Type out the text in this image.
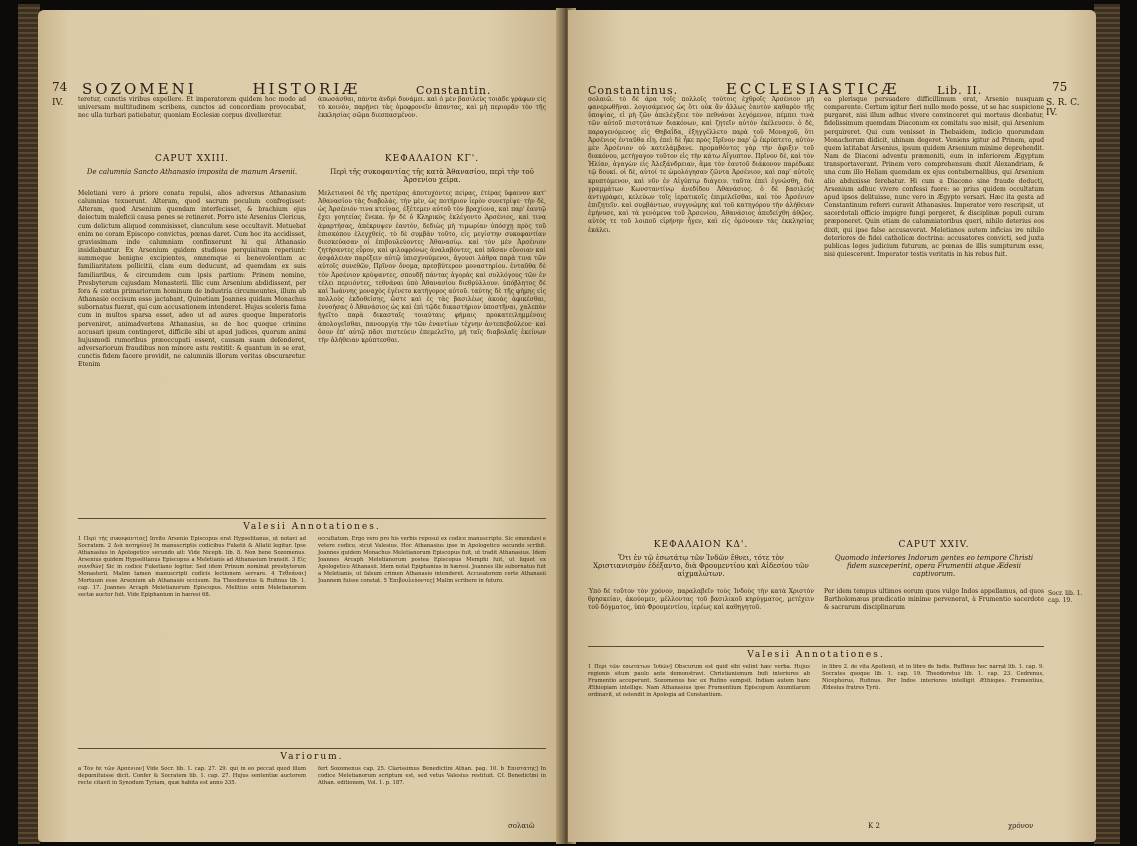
74 SOZOMENI	HISTORIÆ	Constantin.
IV. teretur, cunctis viribus expellere. Et imperatorem quidem hoc modo ad universam multitudinem scribens, cunctos ad concordiam provocabat, nec ulla turbari patiebatur, quoniam Ecclesiæ corpus divelleretur.
ἀπωσάσθαι, πάντα ἀνδρὶ δυνάμει. καὶ ὁ μὲν βασιλεὺς τοιάδε γράφων εἰς τὸ κοινὸν, παρῄνει τὰς ὁμοφρονεῖν ἅπαντας, καὶ μὴ περιορᾶν τὸν τῆς ἐκκλησίας σῶμα διεσπασμένον.
CAPUT XXIII.
De calumnia Sancto Athanasio imposita de manum Arsenii.
ΚΕΦΑΛΑΙΟΝ ΚΓ'.
Περὶ τῆς συκοφαντίας τῆς κατὰ Ἀθανασίου, περὶ τὴν τοῦ Ἀρσενίου χεῖρα.
Meletiani vero à priore conatu repulsi, alios adversus Athanasium calumnias texuerunt. Alteram, quod sacrum poculum confregisset: Alteram, quod Arsenium quendam interfecisset, & brachium ejus deiectum maleficii causa penes se retineret. Porro iste Arsenius Clericus, cum delictum aliquod commisisset, clanculum sese occultavit. Metuebat enim ne coram Episcopo convictus, pœnas daret. Cum hoc ita accidisset, gravissimam inde calumniam confinxerunt hi qui Athanasio insidiabantur. Ex Arsenium quidem studiose perquisitum reperiunt: summeque benigne excipientes, omnemque ei benevolentiam ac familiaritatem pollicitii, clam eum deducunt, ad quemdam ex suis familiaribus, & circumdem cum ipsis partium: Prinem nomine, Presbyterum cujusdam Monasterii. Illic cum Arsenium abdidissent, per fora & cœtus primariorum hominum de industria circumeuntes, illum ab Athanasio occisum esse jactabant, Quinetiam Joannes quidam Monachus subornatus fuerat, qui cum accusationem intenderet. Hujus sceleris fama cum in multos sparsa esset, adeo ut ad aures quoque Imperatoris perveniret, animadvertens Athanasius, se de hoc quoque crimine accusari ipsum contingeret, difficile sibi ut apud judices, quorum animi hujusmodi rumoribus præoccupati essent, causam suam defenderet, adversariorum fraudibus non minore astu restitit: & quantum in se erat, cunctis fidem facere providit, ne calumniis illorum veritas obscuraretur. Etenim
Μελετιανοὶ δὲ τῆς προτέρας ἀποτυχόντες πείρας, ἑτέρας ὕφαινον κατ' Ἀθανασίου τὰς διαβολάς. τὴν μὲν, ὡς ποτήριον ἱερὸν συνετρίψε· τὴν δὲ, ὡς Ἀρσένιόν τινα κτείνας, ἐξέτεμεν αὐτοῦ τὸν βραχίονα, καὶ παρ' ἑαυτῷ ἔχει γοητείας ἕνεκα. ἦν δὲ ὁ Κληρικὸς ἐκλέγοντο Ἀρσένιος, καὶ τινα ἁμαρτήσας, ἀπέκρυψεν ἑαυτὸν, δεδιὼς μὴ τιμωρίαν ὑπόσχῃ πρὸς τοῦ ἐπισκόπου ἐλεγχθείς. τὸ δὲ συμβὰν τοῦτο, εἰς μεγίστην συκοφαντίαν διεσκεύασαν οἱ ἐπιβουλεύοντες Ἀθανασίῳ. καὶ τὸν μὲν Ἀρσένιον ζητήσαντες εὗρον, καὶ φιλοφρόνως ἀναλαβόντες, καὶ πᾶσαν εὔνοιαν καὶ ἀσφάλειαν παρέξειν αὐτῷ ὑπισχνούμενοι, ἄγουσι λάθρα παρὰ τινα τῶν αὐτοῖς συνεθῶν, Πρῖνον ὄνομα, πρεσβύτερον μοναστηρίου. ἐνταῦθα δὲ τὸν Ἀρσένιον κρύψαντες, σπουδῇ πάντας ἀγορὰς καὶ συλλόγους τῶν ἐν τέλει περιιόντες, τεθνάναι ὑπὸ Ἀθανασίου διεθρύλλουν. ὑπόβλητος δὲ καὶ Ἰωάννης μοναχὸς ἐγένετο κατήγορος αὐτοῦ. ταύτης δὲ τῆς φήμης εἰς πολλοὺς ἐκδοθείσης, ὥστε καὶ ἐς τὰς βασιλέως ἀκοὰς ἀφικέσθαι, ἐννοήσας ὁ Ἀθανάσιος ὡς καὶ ἐπὶ τῷδε δικαστήριον ὑποστῆναι, χαλεπὸν ἡγεῖτο παρὰ δικασταῖς τοιαύταις φήμαις προκατειλημμένοις ἀπολογεῖσθαι, πανουργίᾳ τὴν τῶν ἐναντίων τέχνην ἀντεπεβούλευε· καὶ ὅσον ἐπ' αὐτῷ πᾶσι πιστεύειν ἐπεμελεῖτο, μὴ ταῖς διαβολαῖς ἐκείνων τὴν ἀλήθειαν κρύπτεσθαι.
Valesii Annotationes.
1 Περὶ τῆς συκοφαντίας] Invito Arsenio Episcopus erat Hypselitanus, ut notavi ad Socratem. 2 Διὰ ποτηρίου] In manuscriptis codicibus Fuketii & Allatii legitur. Ipse Athanasius in Apologetico secundo ait: Vide Niceph. lib. 8. Non bene Sozomenus. Arsenius quidem Hypselitanus Episcopus a Meletianis ad Athanasium transiit. 3 Εἰς συνεθῶν] Sic in codice Fuketiano legitur. Sed idem Prinum nominat presbyterum Monasterii. Malim tamen manuscripti codicis lectionem servare. 4 Τεθνάναι] Mortuum esse Arsenium ab Athanasio occisum. Ita Theodoretus & Rufinus lib. 1. cap. 17. Joannes Arcaph Meletianorum Episcopus. Melitius enim Meletianorum sectæ auctor fuit. Vide Epiphanium in hæresi 68.
occultatum. Ergo vero pro his verbis reposui ex codice manuscripto. Sic emendavi e vetere codice, sicut Valesius. Hoc Athanasius ipse in Apologetico secundo scribit. Joannes quidem Monachus Meletianorum Episcopus fuit, ut tradit Athanasius. Idem Joannes Arcaph Meletianorum postea Episcopus Memphi fuit, ut liquet ex Apologetico Athanasii. Idem notat Epiphanius in hæresi. Joannes ille subornatus fuit a Meletianis, ut falsum crimen Athanasio intenderet. Accusatorem certe Athanasii Joannem fuisse constat. 5 Ἐπιβουλεύοντες] Malim scribere in futuro.
Variorum.
a Τὸν δὲ τῶν Ἀρσένιον] Vide Socr. lib. 1. cap. 27. 29. qui in eo peccat quod illum depœnituisse dicit. Confer & Socratem lib. 1. cap. 27. Hujus sententiæ auctorem recte citavit in Synodum Tyriam, quæ habita est anno 335.
fert Sozomenus cap. 25. Clarissimus Benedictini Athan. pag. 10. b Ἐπιστάτης] In codice Meletianorum scriptum est, sed vetus Valesius restituit. Cf. Benedictini in Athan. editionem, Vol. 1. p. 187.
σολαιῶ
Constantinus.	ECCLESIASTICÆ	Lib. II.	75
S. R. C. IV.
σολαιῶ. τὸ δὲ ἆρα τοῖς πολλοῖς τούτοις ἐχθροῖς Ἀρσένιον μὴ φανερωθῆναι. λογισάμενος ὡς ὅτι οὐκ ἂν ἄλλως ἑαυτὸν καθαρὸν τῆς ὑποψίας, εἰ μὴ ζῶν ἀπελέγξειε τὸν πεθνάναι λεγόμενον, πέμπει τινὰ τῶν αὐτοῦ πιστοτάτων διακόνων, καὶ ζητεῖν αὐτὸν ἐκέλευσεν. ὁ δὲ, παραγενόμενος εἰς Θηβαΐδα, ἐξηγγέλλετο παρὰ τοῦ Μοναχοῦ, ὅτι Ἀρσένιος ἐνταῦθα εἴη. ἐπεὶ δὲ ἦκε πρὸς Πρῖνον παρ' ᾧ ἐκρύπτετο, αὐτὸν μὲν Ἀρσένιον οὐ κατελάμβανε. προμαθόντες γὰρ τὴν ἄφιξιν τοῦ διακόνου, μετήγαγον τοῦτον εἰς τὴν κάτω Αἴγυπτον. Πρῖνον δὲ, καὶ τὸν Ἠλίαν, ἀγαγὼν εἰς Ἀλεξάνδρειαν, ἅμα τὸν ἑαυτοῦ διάκονον παρέδωκε τῷ δουκί. οἱ δὲ, αὐτοί τε ὡμολόγησαν ζῶντα Ἀρσένιον, καὶ παρ' αὐτοῖς κρυπτόμενον, καὶ νῦν ἐν Αἰγύπτῳ διάγειν. ταῦτα ἐπεὶ ἐγνώσθη, διὰ γραμμάτων Κωνσταντίνῳ ἀνεδίδου Ἀθανάσιος. ὁ δὲ βασιλεὺς ἀντιγράφει, κελεύων τοῖς ἱερατικοῖς ἐπιμελεῖσθαι, καὶ τὸν Ἀρσένιον ἐπιζητεῖν. καὶ συμβάντων, συγγνώμης καὶ τοῦ κατηγόρου τὴν ἀλήθειαν ἐμήνυσε, καὶ τὰ γενόμενα τοῦ Ἀρσενίου, Ἀθανάσιος ἀπεδείχθη ἀθῷος. αὐτὸς τε τοῦ λοιποῦ εἰρήνην ἦγεν, καὶ εἰς ὁμόνοιαν τὰς ἐκκλησίας ἐκάλει.
ea plerisque persuadere difficillimum erat, Arsenio nusquam comparente. Certum igitur fieri nullo modo posse, ut se hac suspicione purgaret, nisi illum adhuc vivere convinceret qui mortuus dicebatur, fidelissimum quemdam Diaconum ex comitatu suo misit, qui Arsenium perquireret. Qui cum venisset in Thebaidem, indicio quorumdam Monachorum didicit, ubinam degeret. Veniens igitur ad Prinem, apud quem latitabat Arsenius, ipsum quidem Arsenium minime deprehendit. Nam de Diaconi adventu præmoniti, eum in inferiorem Ægyptum transportaverant. Prinem vero comprehensum duxit Alexandriam, & una cum illo Heliam quemdam ex ejus contubernalibus, qui Arsenium alio abduxisse ferebatur. Hi cum a Diacono sine fraude deducti, Arsenium adhuc vivere confessi fuere: se prius quidem occultatum apud ipsos delituisse, nunc vero in Ægypto versari. Hæc ita gesta ad Constantinum referri curavit Athanasius. Imperator vero rescripsit, ut sacerdotali officio impigre fungi pergeret, & disciplinæ populi curam præponeret. Quin etiam de calumniatoribus queri, nihilo deterius eos dixit, qui ipse false accusaverat. Meletianos autem inficias ire nihilo deteriores de fidei catholicæ doctrina: accusatores convicti, sed juxta publicas leges judicium futurum, ac pœnas de illis sumpturum esse, nisi quiescerent. Imperator testis veritatis in his rebus fuit.
ΚΕΦΑΛΑΙΟΝ ΚΔ'.
Ὅτι ἐν τῷ ἐσωτάτῳ τῶν Ἰνδῶν ἔθνει, τότε τὸν Χριστιανισμὸν ἐδέξαντο, διὰ Φρουμεντίου καὶ Αἰδεσίου τῶν αἰχμαλώτων.
CAPUT XXIV.
Quomodo interiores Indorum gentes eo tempore Christi fidem susceperint, opera Frumentii atque Ædesii captivorum.
Ὑπὸ δὲ τοῦτον τὸν χρόνον, παραλαβεῖν τοὺς Ἰνδοὺς τὴν κατὰ Χριστὸν θρησκείαν, ἀκούομεν, μέλλοντας τοῦ βασιλικοῦ κηρύγματος, μετέχειν τοῦ δόγματος, ὑπὸ Φρουμεντίου, ἱερέως καὶ καθηγητοῦ.
Per idem tempus ultimos eorum quos vulgo Indos appellamus, ad quos Bartholomæus prædicatio minime pervenerat, à Frumentio sacerdote & sacrarum disciplinarum
Socr. lib. 1. cap. 19.
Valesii Annotationes.
1 Περὶ τῶν ἐσωτάτων Ἰνδῶν] Obscurum est quid sibi velint hæc verba. Hujus regionis situm paulo ante demonstravi. Christianismum Indi interiores ab Frumentio acceperunt. Sozomenus hoc ex Rufino sumpsit. Indiam autem hanc Æthiopiam intellige. Nam Athanasius ipse Frumentium Episcopum Axumitarum ordinavit, ut ostendit in Apologia ad Constantium.
in libro 2. de vita Apollonii, et in libro de Indis. Ruffinus hoc narrat lib. 1. cap. 9. Socrates quoque lib. 1. cap. 19. Theodoretus lib. 1. cap. 23. Cedrenus, Nicephorus, Rufinus. Per Indos interiores intelligit Æthiopes. Frumentius, Ædesius fratres Tyrii.
K 2	χρόνον
